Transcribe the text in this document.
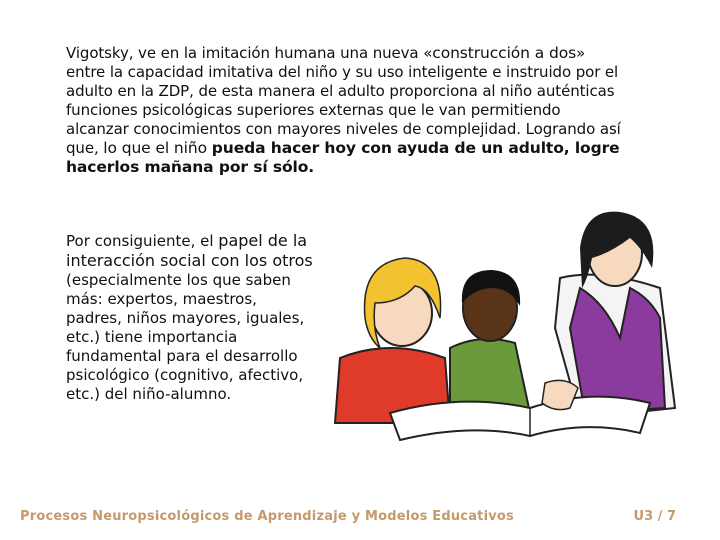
Vigotsky, ve en la imitación humana una nueva «construcción a dos» entre la capacidad imitativa del niño y su uso inteligente e instruido por el adulto en la ZDP, de esta manera el adulto proporciona al niño auténticas funciones psicológicas superiores externas que le van permitiendo alcanzar conocimientos con mayores niveles de complejidad. Logrando así que, lo que el niño pueda hacer hoy con ayuda de un adulto, logre hacerlos mañana por sí sólo.
Por consiguiente, el papel de la interacción social con los otros (especialmente los que saben más: expertos, maestros, padres, niños mayores, iguales, etc.) tiene importancia fundamental para el desarrollo psicológico (cognitivo, afectivo, etc.) del niño-alumno.
Procesos Neuropsicológicos de Aprendizaje y Modelos Educativos	U3 / 7
